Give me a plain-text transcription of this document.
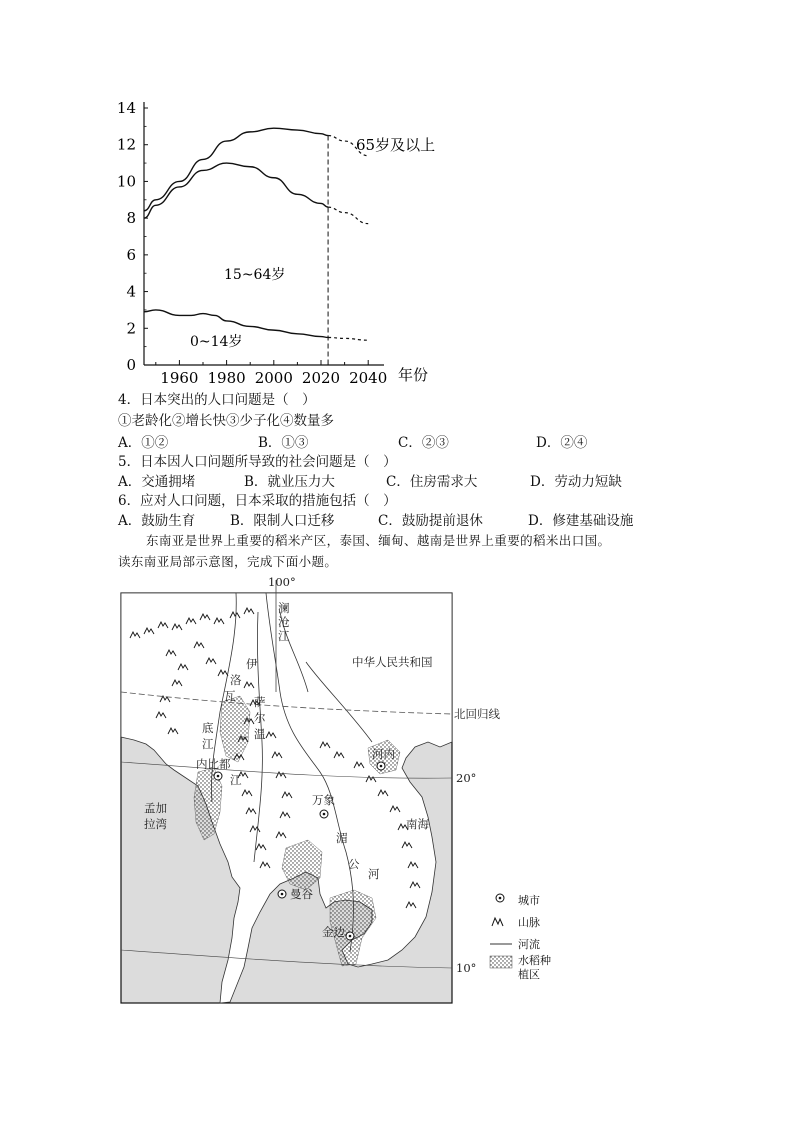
0
2
4
6
8
10
12
14
1960 1980 2000 2020 2040
65岁及以上
15~64岁
0~14岁
年份
4．日本突出的人口问题是（　）
①老龄化②增长快③少子化④数量多
A．①②	B．①③	C．②③	D．②④
5．日本因人口问题所导致的社会问题是（　）
A．交通拥堵	B．就业压力大	C．住房需求大	D．劳动力短缺
6．应对人口问题，日本采取的措施包括（　）
A．鼓励生育	B．限制人口迁移	C．鼓励提前退休	D．修建基础设施
东南亚是世界上重要的稻米产区，泰国、缅甸、越南是世界上重要的稻米出口国。
读东南亚局部示意图，完成下面小题。
100°
北回归线
20°
10°
中华人民共和国
南海
孟加
拉湾
内比都
河内
万象
曼谷
金边
澜
沧
江
伊
洛
瓦
底
江
萨
尔
温
江
湄
公
河
城市
山脉
河流
水稻种
植区
